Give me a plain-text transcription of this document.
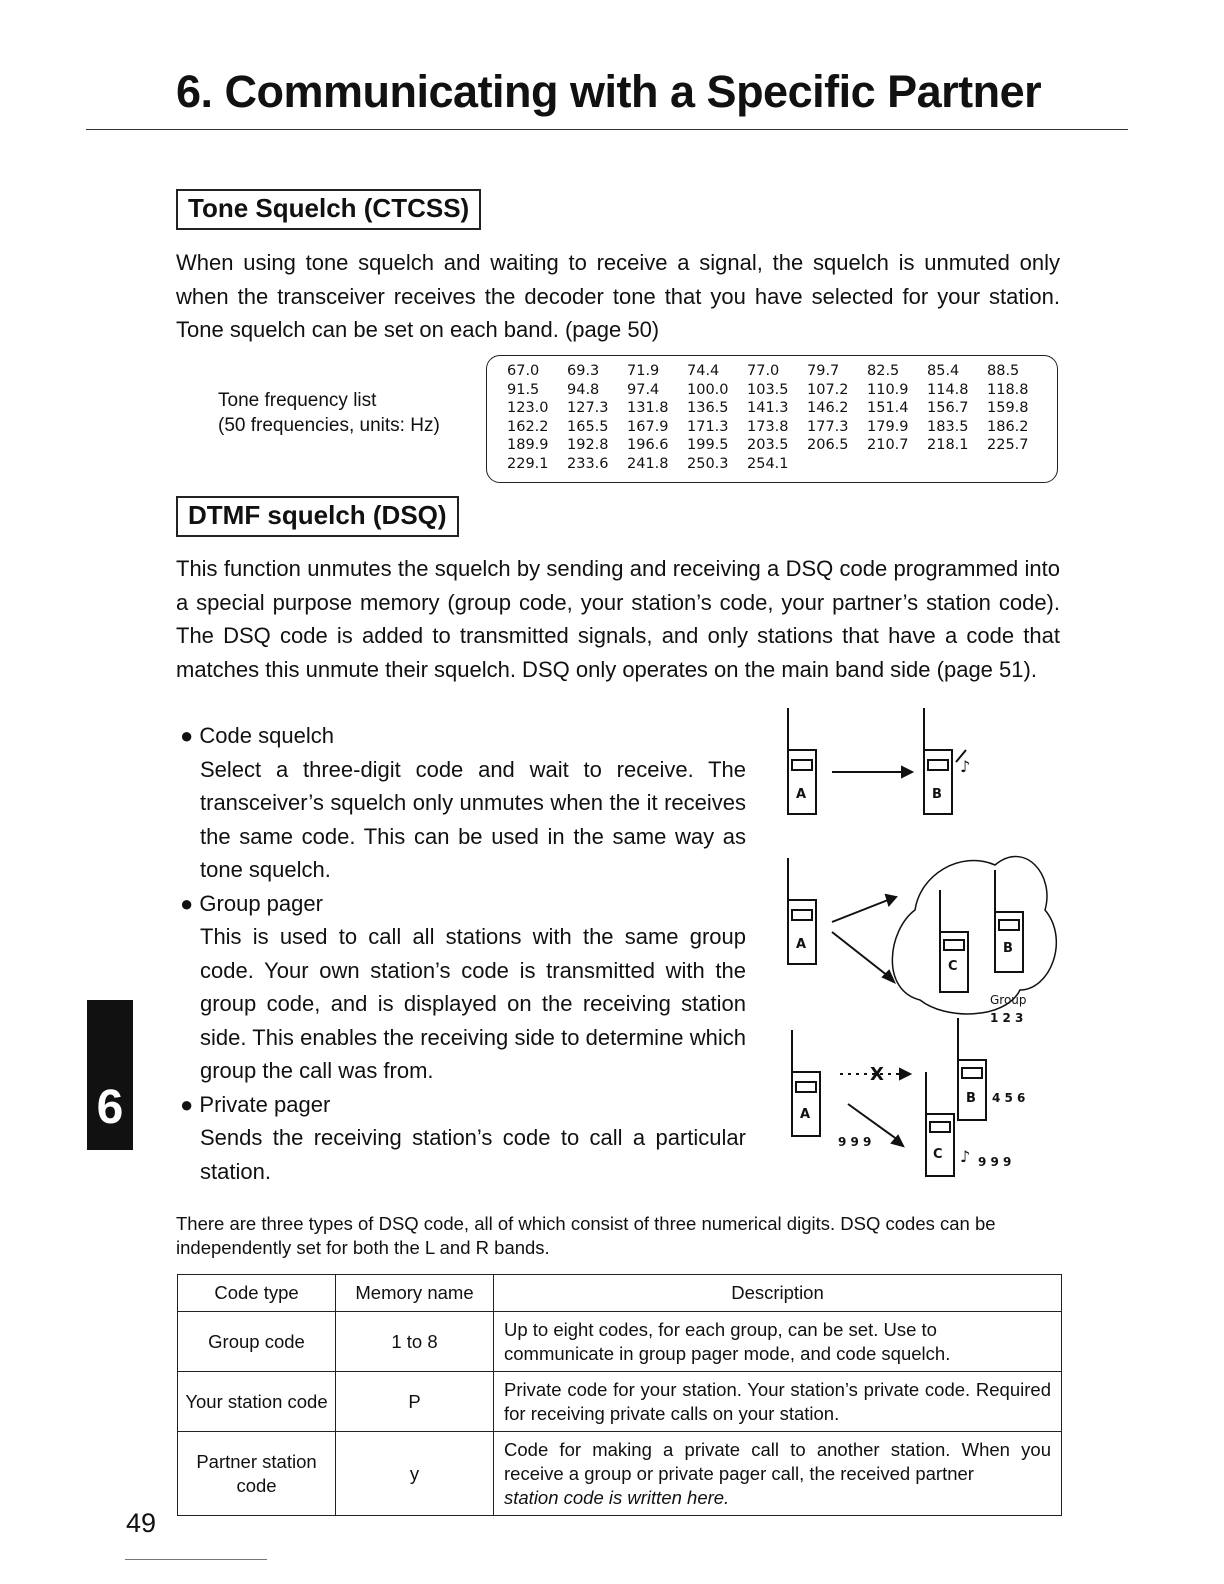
6. Communicating with a Specific Partner
Tone Squelch (CTCSS)
When using tone squelch and waiting to receive a signal, the squelch is unmuted only when the transceiver receives the decoder tone that you have selected for your station. Tone squelch can be set on each band. (page 50)
Tone frequency list
(50 frequencies, units: Hz)
67.0	69.3	71.9	74.4	77.0	79.7	82.5	85.4	88.5
91.5	94.8	97.4	100.0	103.5	107.2	110.9	114.8	118.8
123.0	127.3	131.8	136.5	141.3	146.2	151.4	156.7	159.8
162.2	165.5	167.9	171.3	173.8	177.3	179.9	183.5	186.2
189.9	192.8	196.6	199.5	203.5	206.5	210.7	218.1	225.7
229.1	233.6	241.8	250.3	254.1
DTMF squelch (DSQ)
This function unmutes the squelch by sending and receiving a DSQ code programmed into a special purpose memory (group code, your station’s code, your partner’s station code). The DSQ code is added to transmitted signals, and only stations that have a code that matches this unmute their squelch. DSQ only operates on the main band side (page 51).
● Code squelch
Select a three-digit code and wait to receive. The transceiver’s squelch only unmutes when the it receives the same code. This can be used in the same way as tone squelch.
● Group pager
This is used to call all stations with the same group code. Your own station’s code is transmitted with the group code, and is displayed on the receiving station side. This enables the receiving side to determine which group the call was from.
● Private pager
Sends the receiving station’s code to call a particular station.
♪
♪
A	B
A
C
B
A
B
C
X
Group
1 2 3
4 5 6
9 9 9
9 9 9
There are three types of DSQ code, all of which consist of three numerical digits. DSQ codes can be independently set for both the L and R bands.
Code type	Memory name	Description
Group code	1 to 8	Up to eight codes, for each group, can be set. Use to communicate in group pager mode, and code squelch.
Your station code	P	Private code for your station. Your station’s private code. Required for receiving private calls on your station.
Partner station code	y	Code for making a private call to another station. When you receive a group or private pager call, the received partner
station code is written here.
6
49
